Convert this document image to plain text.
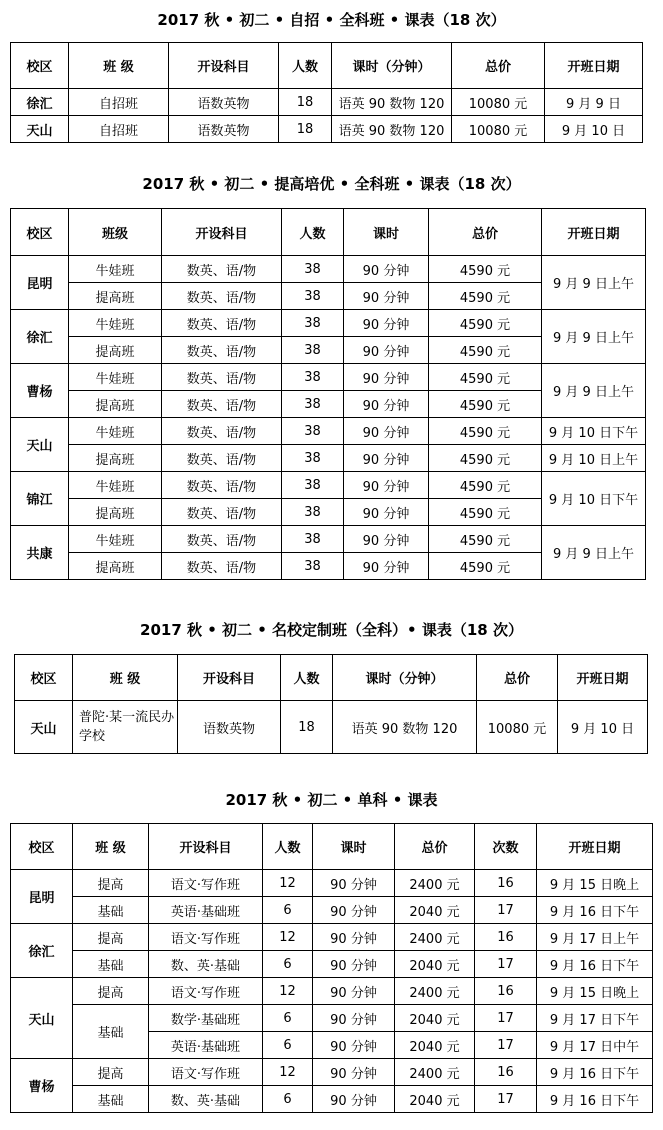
2017 秋 • 初二 • 自招 • 全科班 • 课表（18 次）
校区	班 级	开设科目	人数	课时（分钟）	总价	开班日期
徐汇	自招班	语数英物	18	语英 90 数物 120	10080 元	9 月 9 日
天山	自招班	语数英物	18	语英 90 数物 120	10080 元	9 月 10 日
2017 秋 • 初二 • 提高培优 • 全科班 • 课表（18 次）
校区	班级	开设科目	人数	课时	总价	开班日期
昆明	牛娃班	数英、语/物	38	90 分钟	4590 元	9 月 9 日上午
	提高班	数英、语/物	38	90 分钟	4590 元	
徐汇	牛娃班	数英、语/物	38	90 分钟	4590 元	9 月 9 日上午
	提高班	数英、语/物	38	90 分钟	4590 元	
曹杨	牛娃班	数英、语/物	38	90 分钟	4590 元	9 月 9 日上午
	提高班	数英、语/物	38	90 分钟	4590 元	
天山	牛娃班	数英、语/物	38	90 分钟	4590 元	9 月 10 日下午
	提高班	数英、语/物	38	90 分钟	4590 元	9 月 10 日上午
锦江	牛娃班	数英、语/物	38	90 分钟	4590 元	9 月 10 日下午
	提高班	数英、语/物	38	90 分钟	4590 元	
共康	牛娃班	数英、语/物	38	90 分钟	4590 元	9 月 9 日上午
	提高班	数英、语/物	38	90 分钟	4590 元	
2017 秋 • 初二 • 名校定制班（全科）• 课表（18 次）
校区	班 级	开设科目	人数	课时（分钟）	总价	开班日期
天山	普陀·某一流民办学校	语数英物	18	语英 90 数物 120	10080 元	9 月 10 日
2017 秋 • 初二 • 单科 • 课表
校区	班 级	开设科目	人数	课时	总价	次数	开班日期
昆明	提高	语文·写作班	12	90 分钟	2400 元	16	9 月 15 日晚上
	基础	英语·基础班	6	90 分钟	2040 元	17	9 月 16 日下午
徐汇	提高	语文·写作班	12	90 分钟	2400 元	16	9 月 17 日上午
	基础	数、英·基础	6	90 分钟	2040 元	17	9 月 16 日下午
天山	提高	语文·写作班	12	90 分钟	2400 元	16	9 月 15 日晚上
	基础	数学·基础班	6	90 分钟	2040 元	17	9 月 17 日下午
		英语·基础班	6	90 分钟	2040 元	17	9 月 17 日中午
曹杨	提高	语文·写作班	12	90 分钟	2400 元	16	9 月 16 日下午
	基础	数、英·基础	6	90 分钟	2040 元	17	9 月 16 日下午
